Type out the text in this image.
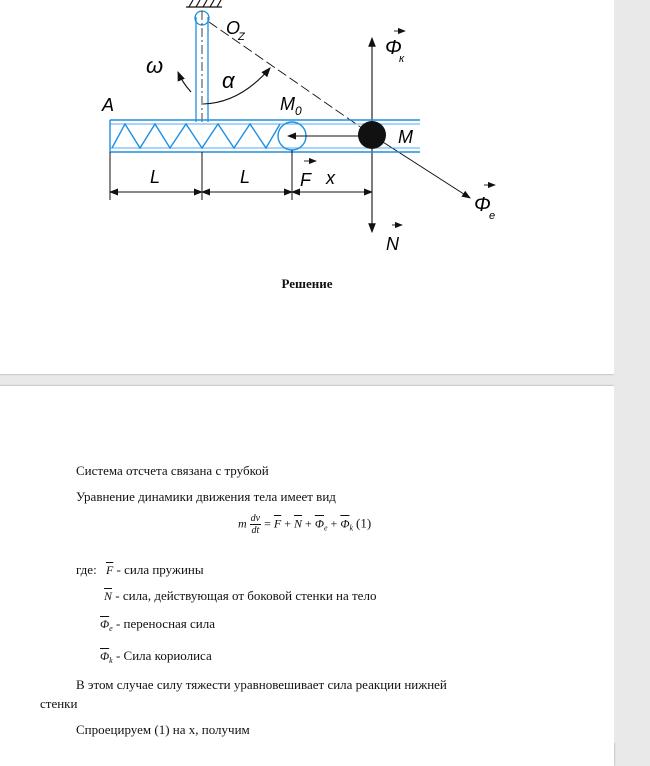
A
O
Z
ω
α
M 0
M
L	L	F x
Φ
к
Φ
e
N
Решение
Система отсчета связана с трубкой
Уравнение динамики движения тела имеет вид
m $\frac{dv}{dt} = \overline{F} + \overline{N} + \overline{\Phi}_e + \overline{\Phi}_k$ (1)
где: $\overline{F}$ - сила пружины
$\overline{N}$ - сила, действующая от боковой стенки на тело
$\overline{\Phi}_e$ - переносная сила
$\overline{\Phi}_k$ - Сила кориолиса
В этом случае силу тяжести уравновешивает сила реакции нижней
стенки
Спроецируем (1) на x, получим
